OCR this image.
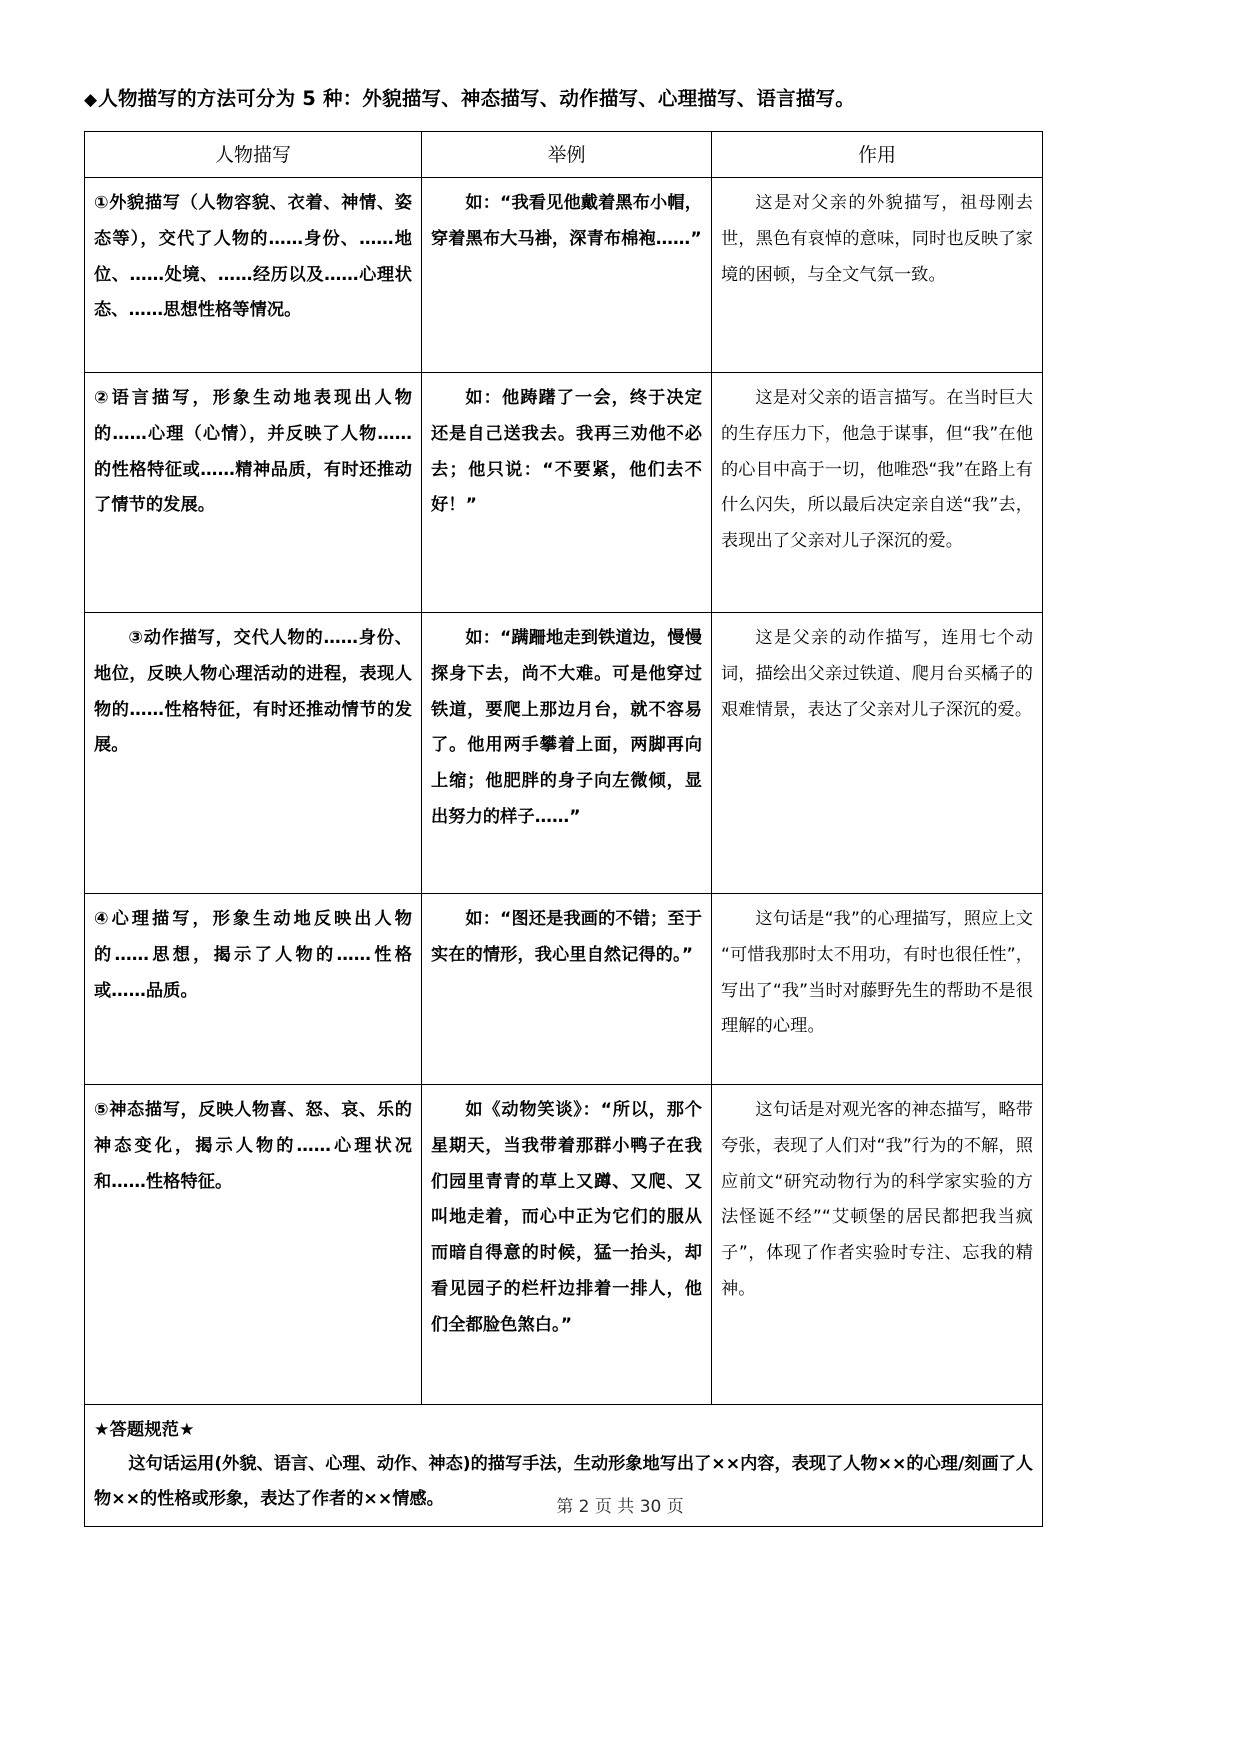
◆人物描写的方法可分为 5 种：外貌描写、神态描写、动作描写、心理描写、语言描写。
人物描写	举例	作用
①外貌描写（人物容貌、衣着、神情、姿态等），交代了人物的……身份、……地位、……处境、……经历以及……心理状态、……思想性格等情况。	如：“我看见他戴着黑布小帽，穿着黑布大马褂，深青布棉袍……”	这是对父亲的外貌描写，祖母刚去世，黑色有哀悼的意味，同时也反映了家境的困顿，与全文气氛一致。

②语言描写，形象生动地表现出人物的……心理（心情），并反映了人物……的性格特征或……精神品质，有时还推动了情节的发展。	如：他踌躇了一会，终于决定还是自己送我去。我再三劝他不必去；他只说：“不要紧，他们去不好！”	这是对父亲的语言描写。在当时巨大的生存压力下，他急于谋事，但“我”在他的心目中高于一切，他唯恐“我”在路上有什么闪失，所以最后决定亲自送“我”去，表现出了父亲对儿子深沉的爱。

③动作描写，交代人物的……身份、地位，反映人物心理活动的进程，表现人物的……性格特征，有时还推动情节的发展。	如：“蹒跚地走到铁道边，慢慢探身下去，尚不大难。可是他穿过铁道，要爬上那边月台，就不容易了。他用两手攀着上面，两脚再向上缩；他肥胖的身子向左微倾，显出努力的样子……”	这是父亲的动作描写，连用七个动词，描绘出父亲过铁道、爬月台买橘子的艰难情景，表达了父亲对儿子深沉的爱。

④心理描写，形象生动地反映出人物的……思想，揭示了人物的……性格或……品质。	如：“图还是我画的不错；至于实在的情形，我心里自然记得的。”	这句话是“我”的心理描写，照应上文“可惜我那时太不用功，有时也很任性”，写出了“我”当时对藤野先生的帮助不是很理解的心理。

⑤神态描写，反映人物喜、怒、哀、乐的神态变化，揭示人物的……心理状况和……性格特征。	如《动物笑谈》：“所以，那个星期天，当我带着那群小鸭子在我们园里青青的草上又蹲、又爬、又叫地走着，而心中正为它们的服从而暗自得意的时候，猛一抬头，却看见园子的栏杆边排着一排人，他们全都脸色煞白。”	这句话是对观光客的神态描写，略带夸张，表现了人们对“我”行为的不解，照应前文“研究动物行为的科学家实验的方法怪诞不经”“艾顿堡的居民都把我当疯子”，体现了作者实验时专注、忘我的精神。

★答题规范★
这句话运用(外貌、语言、心理、动作、神态)的描写手法，生动形象地写出了××内容，表现了人物××的心理/刻画了人物××的性格或形象，表达了作者的××情感。			第 2 页 共 30 页
